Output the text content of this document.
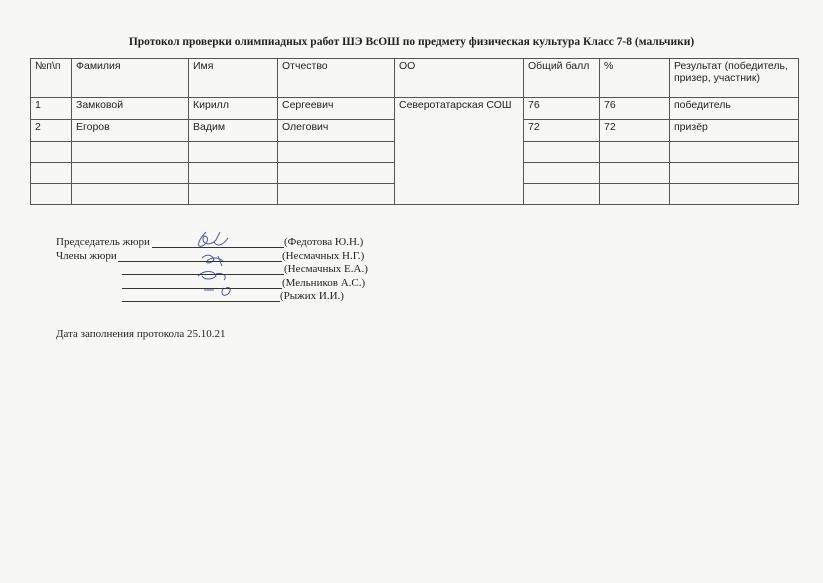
Протокол проверки олимпиадных работ ШЭ ВсОШ по предмету физическая культура Класс 7-8 (мальчики)
№п\п	Фамилия	Имя	Отчество	ОО	Общий балл	%	Результат (победитель, призер, участник)
1	Замковой	Кирилл	Сергеевич	Северотатарская СОШ	76	76	победитель
2	Егоров	Вадим	Олегович		72	72	призёр

Председатель жюри	(Федотова Ю.Н.)
Члены жюри	(Несмачных Н.Г.)
(Несмачных Е.А.)
(Мельников А.С.)
(Рыжих И.И.)
Дата заполнения протокола 25.10.21
